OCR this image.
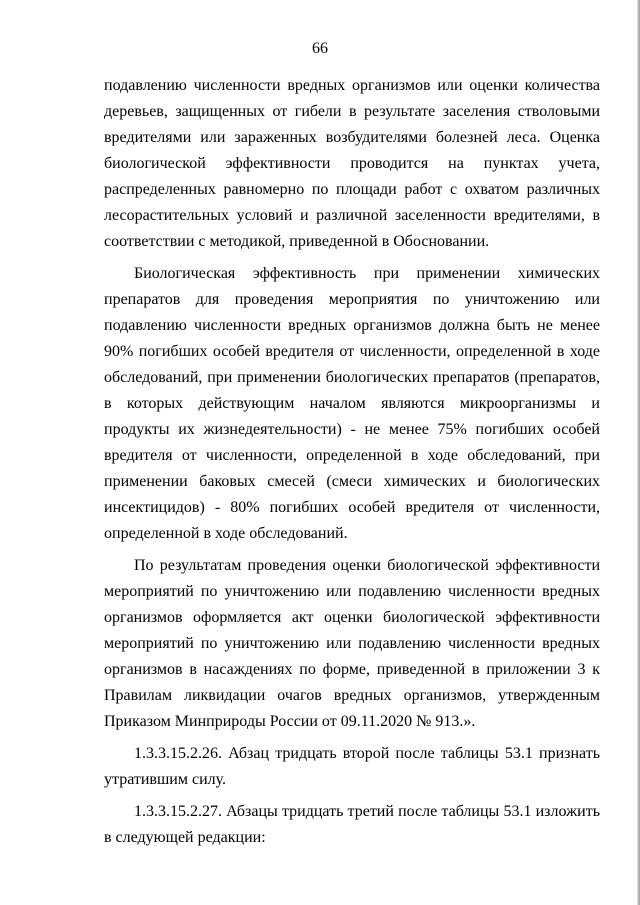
66

подавлению численности вредных организмов или оценки количества деревьев, защищенных от гибели в результате заселения стволовыми вредителями или зараженных возбудителями болезней леса. Оценка биологической эффективности проводится на пунктах учета, распределенных равномерно по площади работ с охватом различных лесорастительных условий и различной заселенности вредителями, в соответствии с методикой, приведенной в Обосновании.

Биологическая эффективность при применении химических препаратов для проведения мероприятия по уничтожению или подавлению численности вредных организмов должна быть не менее 90% погибших особей вредителя от численности, определенной в ходе обследований, при применении биологических препаратов (препаратов, в которых действующим началом являются микроорганизмы и продукты их жизнедеятельности) - не менее 75% погибших особей вредителя от численности, определенной в ходе обследований, при применении баковых смесей (смеси химических и биологических инсектицидов) - 80% погибших особей вредителя от численности, определенной в ходе обследований.

По результатам проведения оценки биологической эффективности мероприятий по уничтожению или подавлению численности вредных организмов оформляется акт оценки биологической эффективности мероприятий по уничтожению или подавлению численности вредных организмов в насаждениях по форме, приведенной в приложении 3 к Правилам ликвидации очагов вредных организмов, утвержденным Приказом Минприроды России от 09.11.2020 № 913.».

1.3.3.15.2.26. Абзац тридцать второй после таблицы 53.1 признать утратившим силу.

1.3.3.15.2.27. Абзацы тридцать третий после таблицы 53.1 изложить в следующей редакции:
